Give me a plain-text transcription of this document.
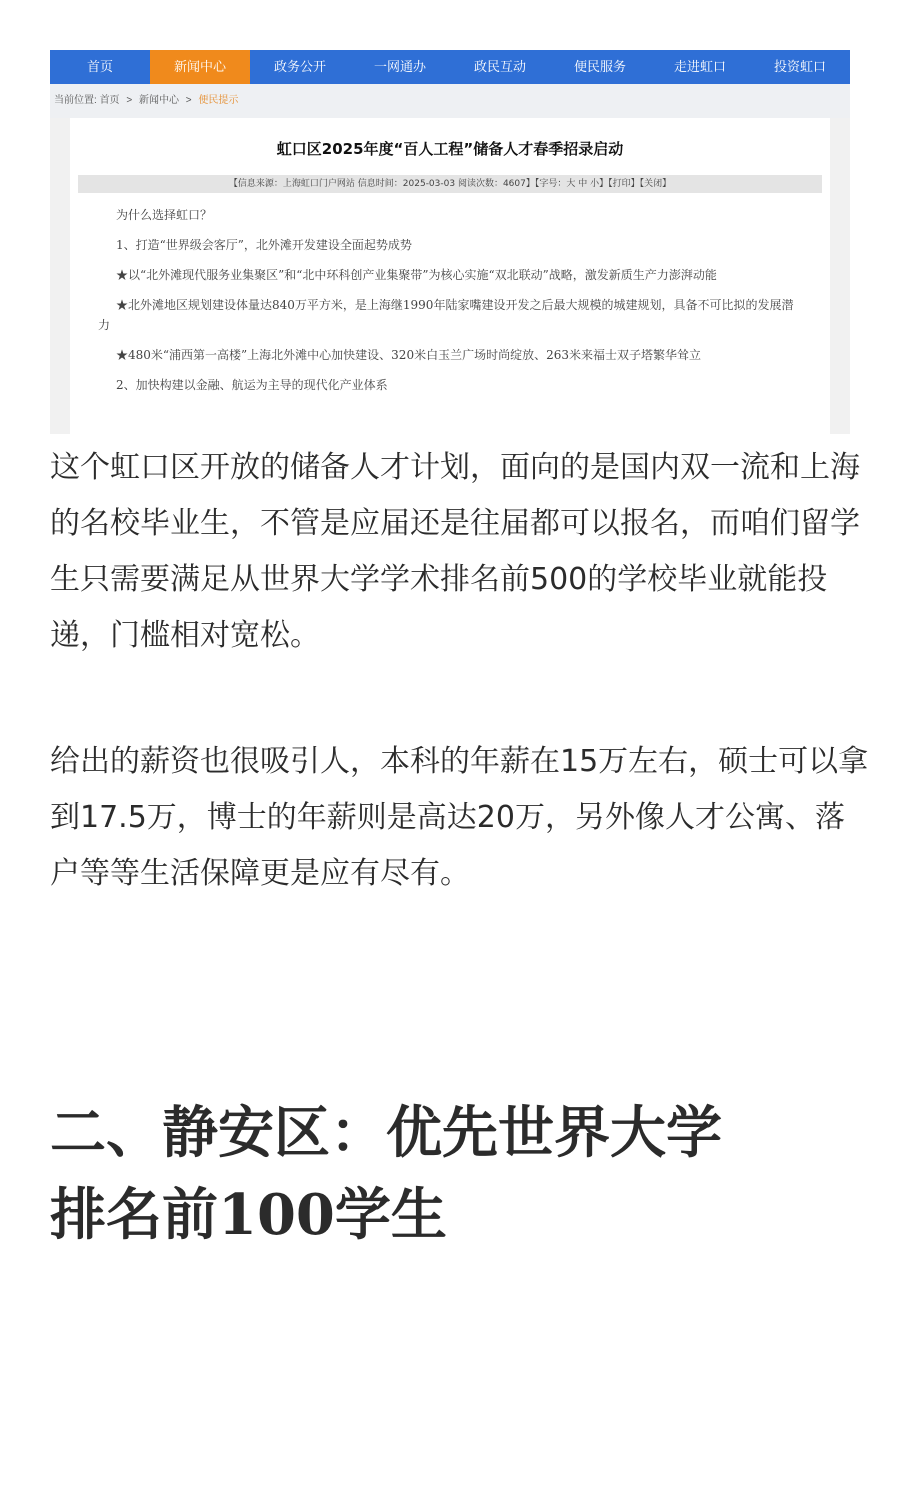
首页	新闻中心	政务公开	一网通办	政民互动	便民服务	走进虹口	投资虹口
当前位置: 首页 > 新闻中心 > 便民提示
虹口区2025年度“百人工程”储备人才春季招录启动
【信息来源：上海虹口门户网站 信息时间：2025-03-03 阅读次数：4607】【字号：大 中 小】【打印】【关闭】
为什么选择虹口？
1、打造“世界级会客厅”，北外滩开发建设全面起势成势
★以“北外滩现代服务业集聚区”和“北中环科创产业集聚带”为核心实施“双北联动”战略，激发新质生产力澎湃动能
★北外滩地区规划建设体量达840万平方米，是上海继1990年陆家嘴建设开发之后最大规模的城建规划，具备不可比拟的发展潜力
★480米“浦西第一高楼”上海北外滩中心加快建设、320米白玉兰广场时尚绽放、263米来福士双子塔繁华耸立
2、加快构建以金融、航运为主导的现代化产业体系

这个虹口区开放的储备人才计划，面向的是国内双一流和上海的名校毕业生，不管是应届还是往届都可以报名，而咱们留学生只需要满足从世界大学学术排名前500的学校毕业就能投递，门槛相对宽松。

给出的薪资也很吸引人，本科的年薪在15万左右，硕士可以拿到17.5万，博士的年薪则是高达20万，另外像人才公寓、落户等等生活保障更是应有尽有。

二、静安区：优先世界大学排名前100学生
